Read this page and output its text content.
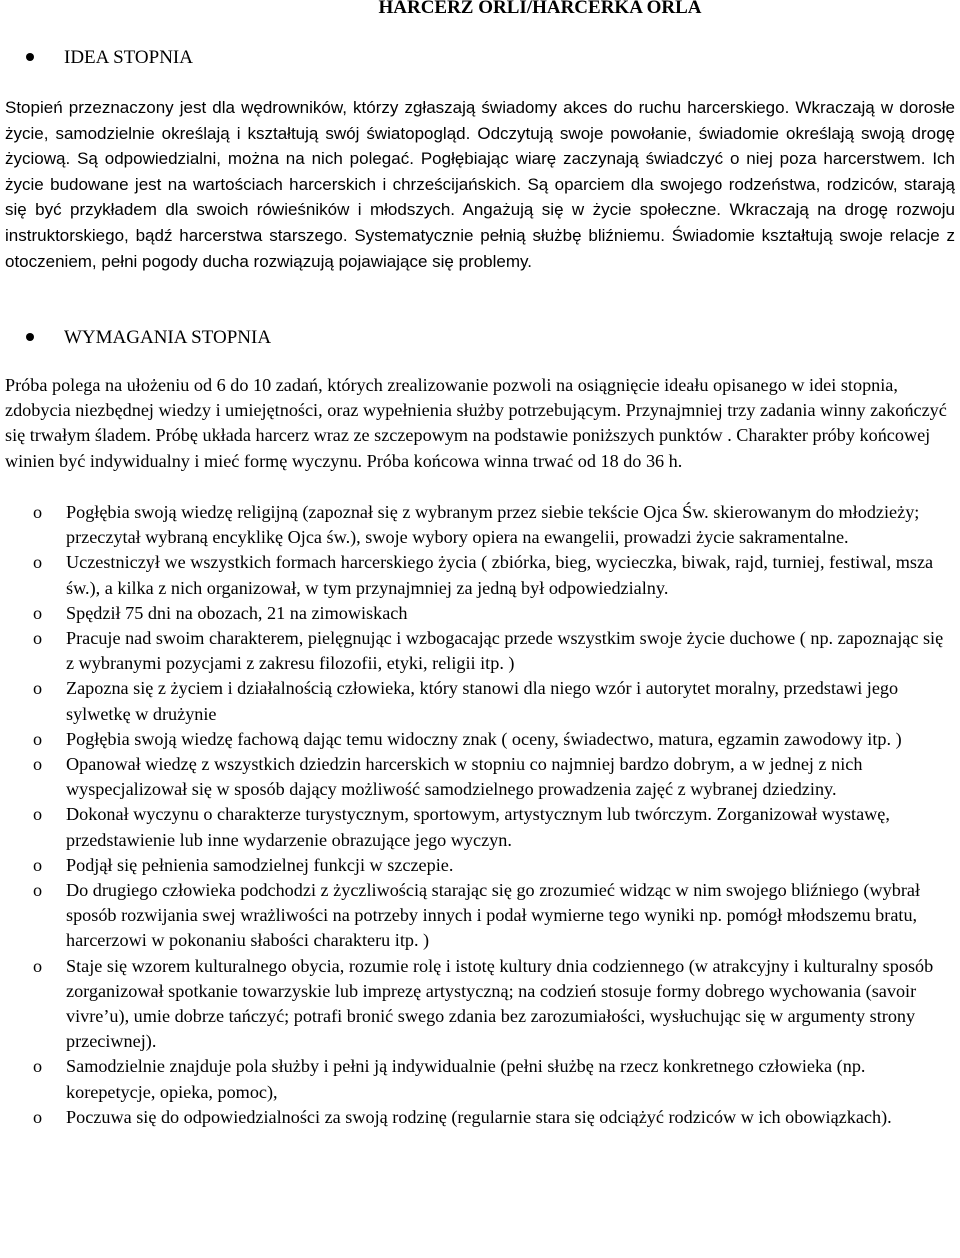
HARCERZ ORLI/HARCERKA ORLA
IDEA STOPNIA

Stopień przeznaczony jest dla wędrowników, którzy zgłaszają świadomy akces do ruchu harcerskiego. Wkraczają w dorosłe życie, samodzielnie określają i kształtują swój światopogląd. Odczytują swoje powołanie, świadomie określają swoją drogę życiową. Są odpowiedzialni, można na nich polegać. Pogłębiając wiarę zaczynają świadczyć o niej poza harcerstwem. Ich życie budowane jest na wartościach harcerskich i chrześcijańskich. Są oparciem dla swojego rodzeństwa, rodziców, starają się być przykładem dla swoich rówieśników i młodszych. Angażują się w życie społeczne. Wkraczają na drogę rozwoju instruktorskiego, bądź harcerstwa starszego. Systematycznie pełnią służbę bliźniemu. Świadomie kształtują swoje relacje z otoczeniem, pełni pogody ducha rozwiązują pojawiające się problemy.

WYMAGANIA STOPNIA

Próba polega na ułożeniu od 6 do 10 zadań, których zrealizowanie pozwoli na osiągnięcie ideału opisanego w idei stopnia, zdobycia niezbędnej wiedzy i umiejętności, oraz wypełnienia służby potrzebującym. Przynajmniej trzy zadania winny zakończyć się trwałym śladem. Próbę układa harcerz wraz ze szczepowym na podstawie poniższych punktów . Charakter próby końcowej winien być indywidualny i mieć formę wyczynu. Próba końcowa winna trwać od 18 do 36 h.

o Pogłębia swoją wiedzę religijną (zapoznał się z wybranym przez siebie tekście Ojca Św. skierowanym do młodzieży; przeczytał wybraną encyklikę Ojca św.), swoje wybory opiera na ewangelii, prowadzi życie sakramentalne.
o Uczestniczył we wszystkich formach harcerskiego życia ( zbiórka, bieg, wycieczka, biwak, rajd, turniej, festiwal, msza św.), a kilka z nich organizował, w tym przynajmniej za jedną był odpowiedzialny.
o Spędził 75 dni na obozach, 21 na zimowiskach
o Pracuje nad swoim charakterem, pielęgnując i wzbogacając przede wszystkim swoje życie duchowe ( np. zapoznając się z wybranymi pozycjami z zakresu filozofii, etyki, religii itp. )
o Zapozna się z życiem i działalnością człowieka, który stanowi dla niego wzór i autorytet moralny, przedstawi jego sylwetkę w drużynie
o Pogłębia swoją wiedzę fachową dając temu widoczny znak ( oceny, świadectwo, matura, egzamin zawodowy itp. )
o Opanował wiedzę z wszystkich dziedzin harcerskich w stopniu co najmniej bardzo dobrym, a w jednej z nich wyspecjalizował się w sposób dający możliwość samodzielnego prowadzenia zajęć z wybranej dziedziny.
o Dokonał wyczynu o charakterze turystycznym, sportowym, artystycznym lub twórczym. Zorganizował wystawę, przedstawienie lub inne wydarzenie obrazujące jego wyczyn.
o Podjął się pełnienia samodzielnej funkcji w szczepie.
o Do drugiego człowieka podchodzi z życzliwością starając się go zrozumieć widząc w nim swojego bliźniego (wybrał sposób rozwijania swej wrażliwości na potrzeby innych i podał wymierne tego wyniki np. pomógł młodszemu bratu, harcerzowi w pokonaniu słabości charakteru itp. )
o Staje się wzorem kulturalnego obycia, rozumie rolę i istotę kultury dnia codziennego (w atrakcyjny i kulturalny sposób zorganizował spotkanie towarzyskie lub imprezę artystyczną; na codzień stosuje formy dobrego wychowania (savoir vivre’u), umie dobrze tańczyć; potrafi bronić swego zdania bez zarozumiałości, wysłuchując się w argumenty strony przeciwnej).
o Samodzielnie znajduje pola służby i pełni ją indywidualnie (pełni służbę na rzecz konkretnego człowieka (np. korepetycje, opieka, pomoc),
o Poczuwa się do odpowiedzialności za swoją rodzinę (regularnie stara się odciążyć rodziców w ich obowiązkach).
